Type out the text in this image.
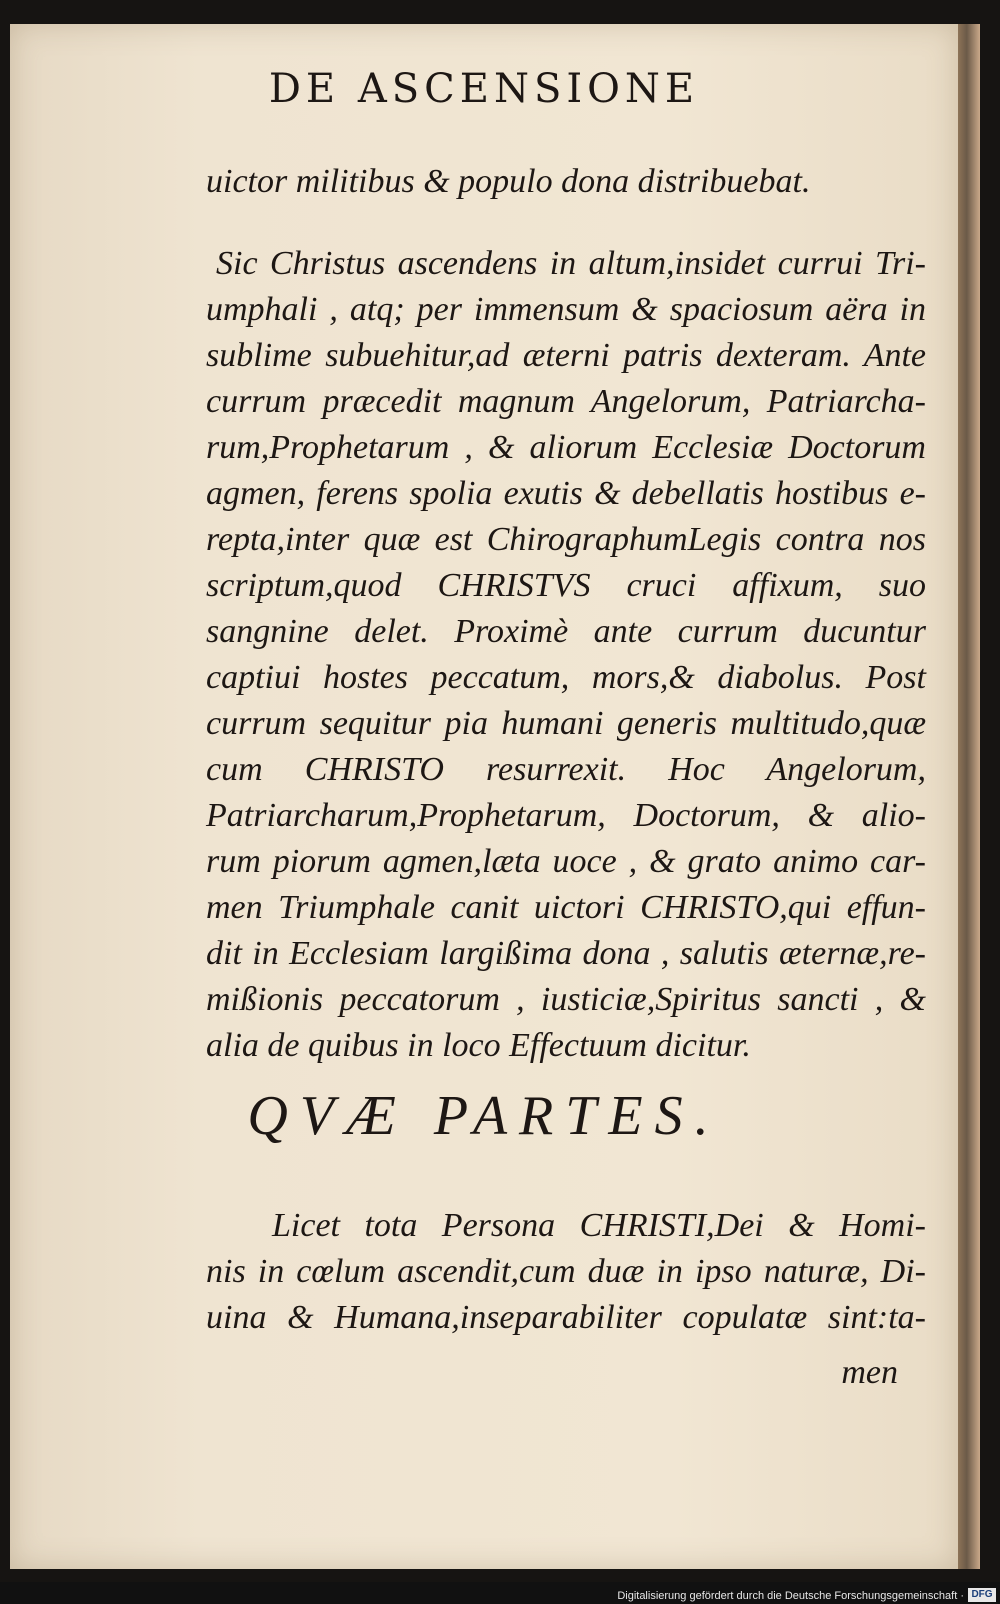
DE ASCENSIONE
uictor militibus & populo dona distribuebat.
Sic Christus ascendens in altum,insidet currui Tri-
umphali , atq; per immensum & spaciosum aëra in
sublime subuehitur,ad æterni patris dexteram. Ante
currum præcedit magnum Angelorum, Patriarcha-
rum,Prophetarum , & aliorum Ecclesiæ Doctorum
agmen, ferens spolia exutis & debellatis hostibus e-
repta,inter quæ est ChirographumLegis contra nos
scriptum,quod CHRISTVS cruci affixum, suo
sangnine delet. Proximè ante currum ducuntur
captiui hostes peccatum, mors,& diabolus. Post
currum sequitur pia humani generis multitudo,quæ
cum CHRISTO resurrexit. Hoc Angelorum,
Patriarcharum,Prophetarum, Doctorum, & alio-
rum piorum agmen,læta uoce , & grato animo car-
men Triumphale canit uictori CHRISTO,qui effun-
dit in Ecclesiam largißima dona , salutis æternæ,re-
mißionis peccatorum , iusticiæ,Spiritus sancti , &
alia de quibus in loco Effectuum dicitur.
QVÆ PARTES.
Licet tota Persona CHRISTI,Dei & Homi-
nis in cœlum ascendit,cum duæ in ipso naturæ, Di-
uina & Humana,inseparabiliter copulatæ sint:ta-
men
Digitalisierung gefördert durch die Deutsche Forschungsgemeinschaft · DFG
